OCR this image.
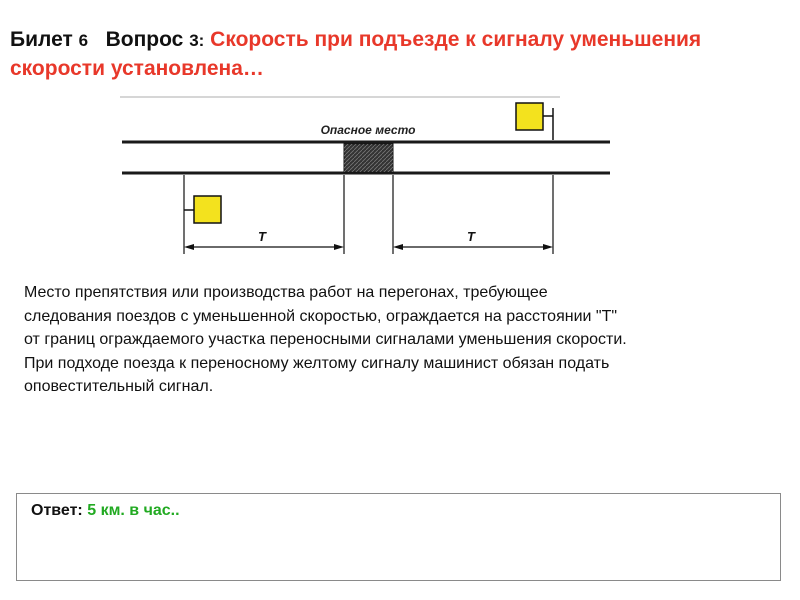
Билет 6 Вопрос 3: Скорость при подъезде к сигналу уменьшения скорости установлена…
Опасное место
T	T
Место препятствия или производства работ на перегонах, требующее
следования поездов с уменьшенной скоростью, ограждается на расстоянии "T"
от границ ограждаемого участка переносными сигналами уменьшения скорости.
При подходе поезда к переносному желтому сигналу машинист обязан подать
оповестительный сигнал.
Ответ: 5 км. в час..
